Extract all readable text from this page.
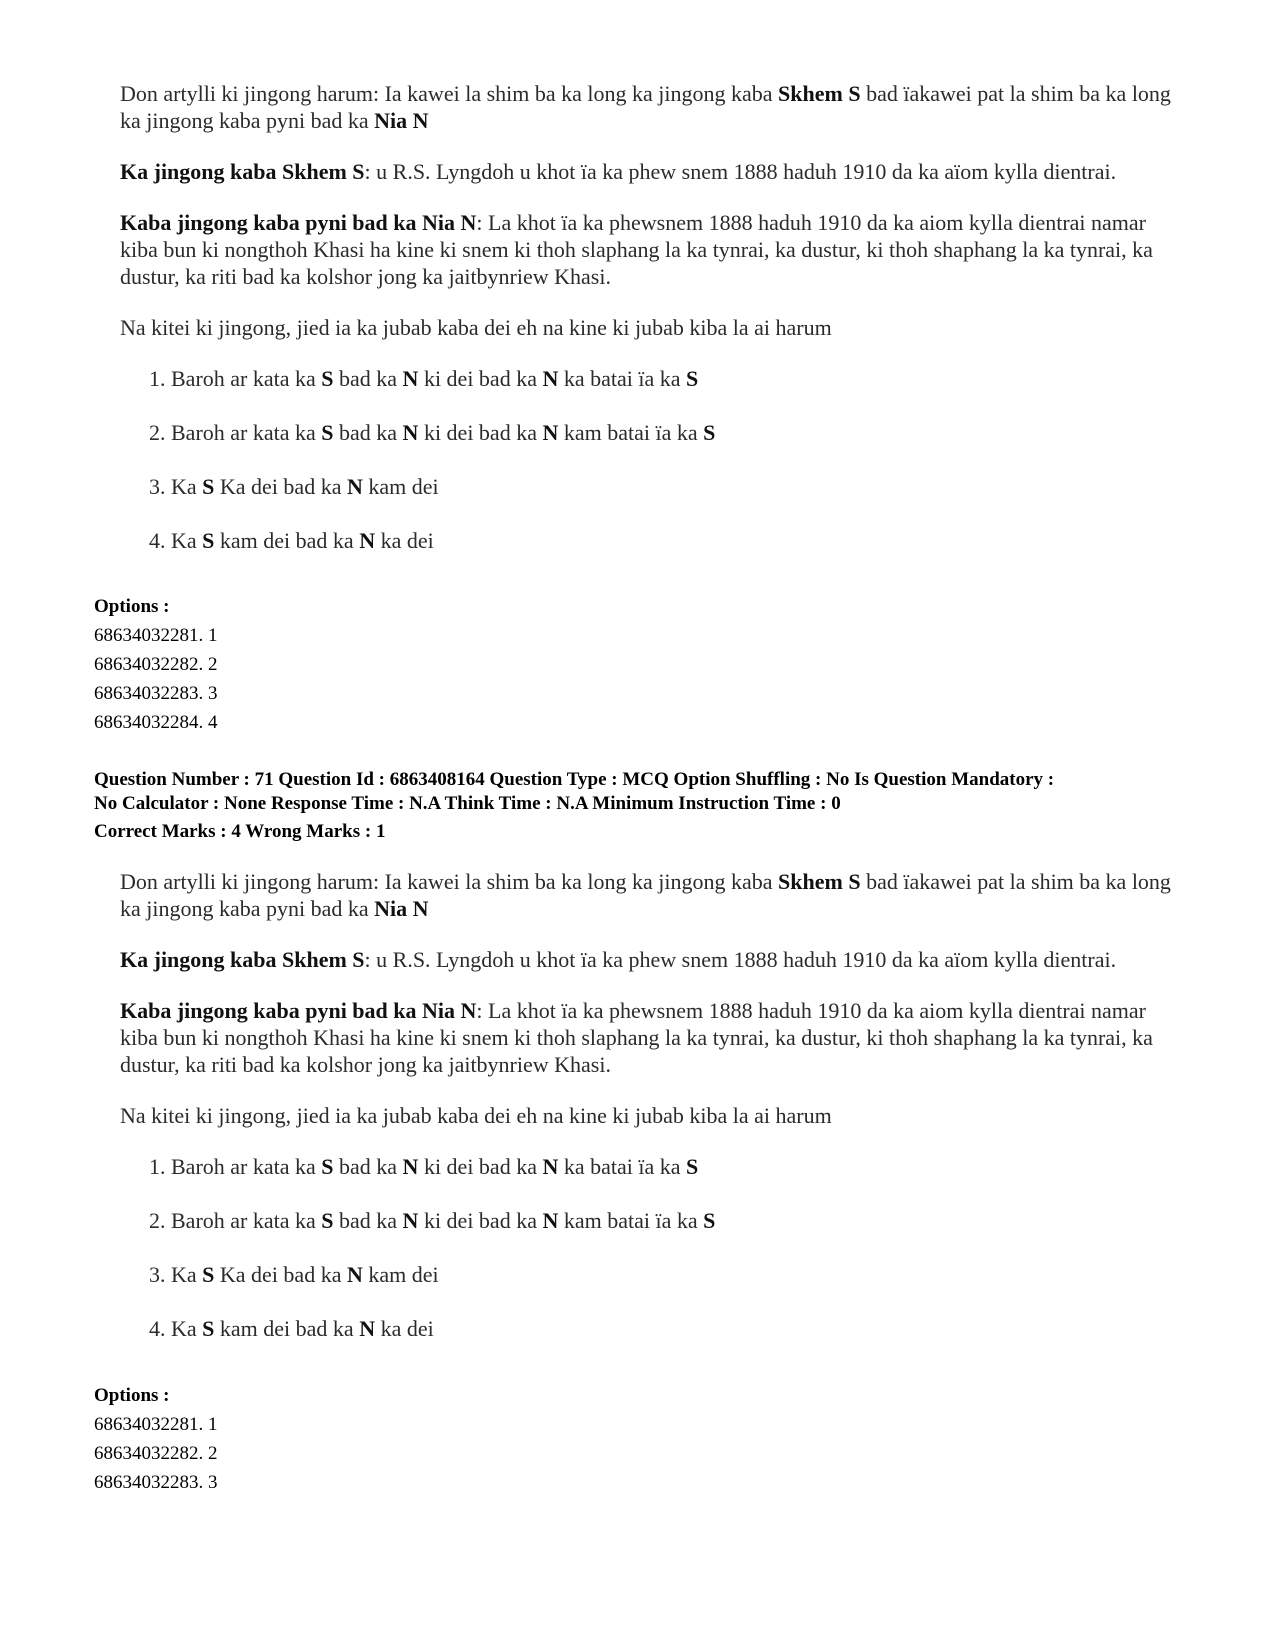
Don artylli ki jingong harum: Ia kawei la shim ba ka long ka jingong kaba Skhem S bad ïakawei pat la shim ba ka long ka jingong kaba pyni bad ka Nia N

Ka jingong kaba Skhem S: u R.S. Lyngdoh u khot ïa ka phew snem 1888 haduh 1910 da ka aïom kylla dientrai.

Kaba jingong kaba pyni bad ka Nia N: La khot ïa ka phewsnem 1888 haduh 1910 da ka aiom kylla dientrai namar kiba bun ki nongthoh Khasi ha kine ki snem ki thoh slaphang la ka tynrai, ka dustur, ki thoh shaphang la ka tynrai, ka dustur, ka riti bad ka kolshor jong ka jaitbynriew Khasi.

Na kitei ki jingong, jied ia ka jubab kaba dei eh na kine ki jubab kiba la ai harum

1. Baroh ar kata ka S bad ka N ki dei bad ka N ka batai ïa ka S
2. Baroh ar kata ka S bad ka N ki dei bad ka N kam batai ïa ka S
3. Ka S Ka dei bad ka N kam dei
4. Ka S kam dei bad ka N ka dei
Options :
68634032281. 1
68634032282. 2
68634032283. 3
68634032284. 4
Question Number : 71 Question Id : 6863408164 Question Type : MCQ Option Shuffling : No Is Question Mandatory :
No Calculator : None Response Time : N.A Think Time : N.A Minimum Instruction Time : 0
Correct Marks : 4 Wrong Marks : 1

Don artylli ki jingong harum: Ia kawei la shim ba ka long ka jingong kaba Skhem S bad ïakawei pat la shim ba ka long ka jingong kaba pyni bad ka Nia N

Ka jingong kaba Skhem S: u R.S. Lyngdoh u khot ïa ka phew snem 1888 haduh 1910 da ka aïom kylla dientrai.

Kaba jingong kaba pyni bad ka Nia N: La khot ïa ka phewsnem 1888 haduh 1910 da ka aiom kylla dientrai namar kiba bun ki nongthoh Khasi ha kine ki snem ki thoh slaphang la ka tynrai, ka dustur, ki thoh shaphang la ka tynrai, ka dustur, ka riti bad ka kolshor jong ka jaitbynriew Khasi.

Na kitei ki jingong, jied ia ka jubab kaba dei eh na kine ki jubab kiba la ai harum

1. Baroh ar kata ka S bad ka N ki dei bad ka N ka batai ïa ka S
2. Baroh ar kata ka S bad ka N ki dei bad ka N kam batai ïa ka S
3. Ka S Ka dei bad ka N kam dei
4. Ka S kam dei bad ka N ka dei
Options :
68634032281. 1
68634032282. 2
68634032283. 3
